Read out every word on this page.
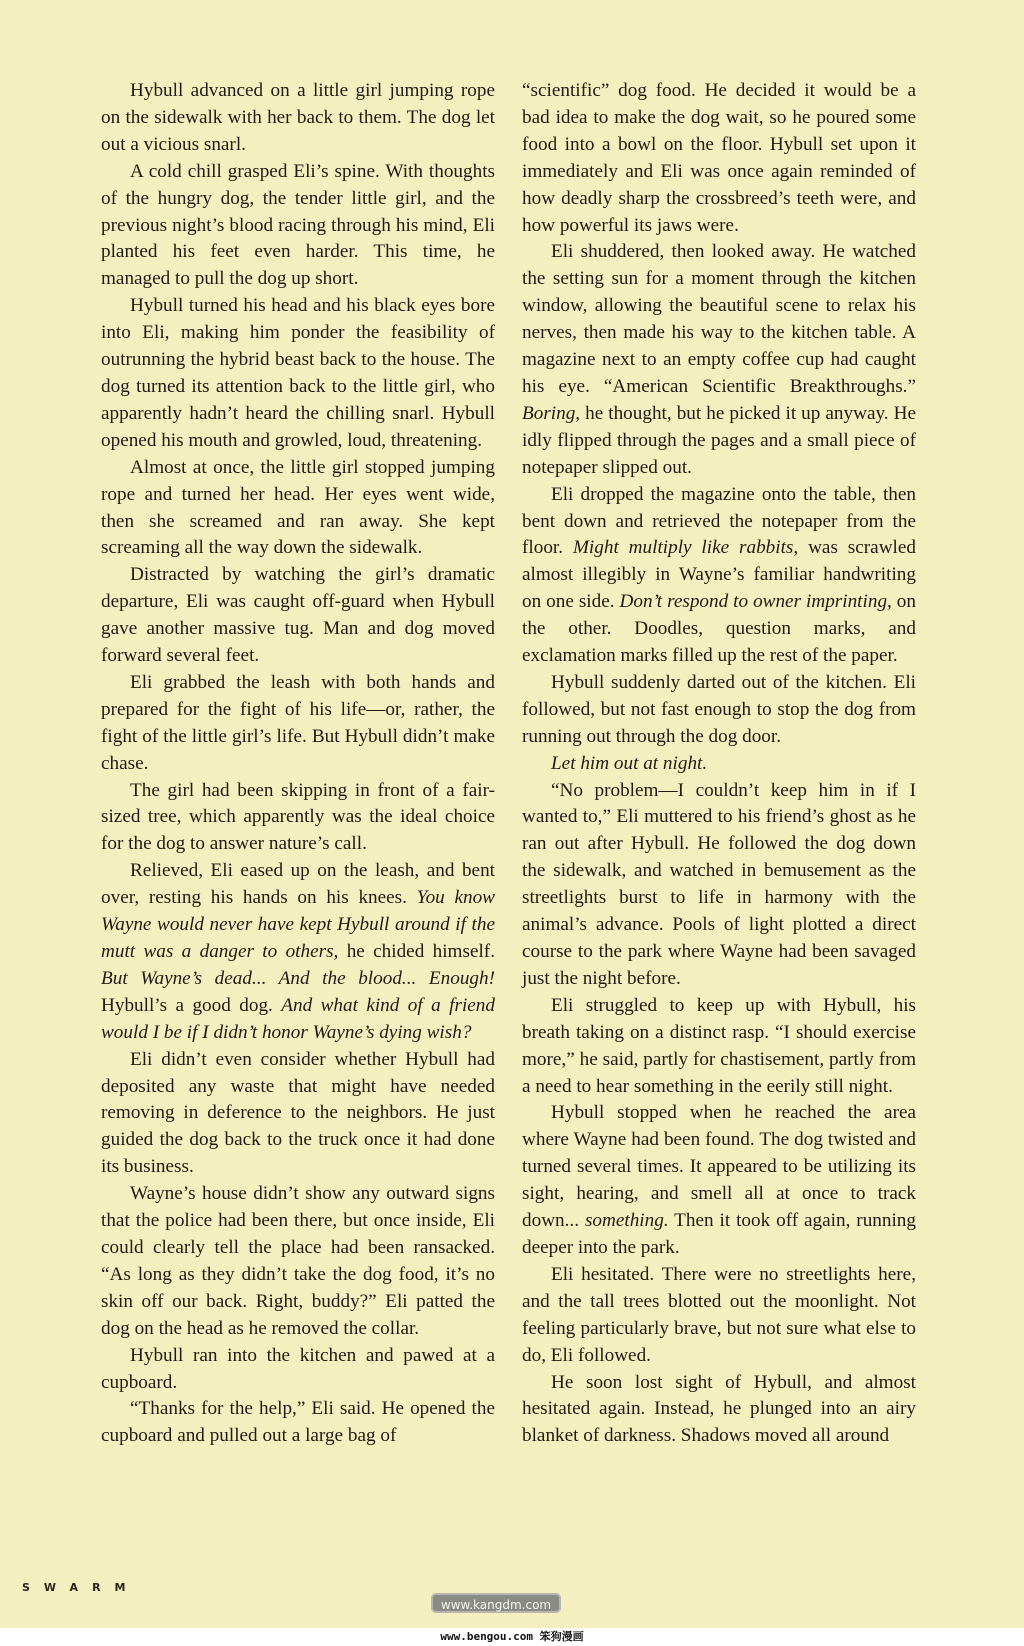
Hybull advanced on a little girl jumping rope on the sidewalk with her back to them. The dog let out a vicious snarl.

A cold chill grasped Eli’s spine. With thoughts of the hungry dog, the tender little girl, and the previous night’s blood racing through his mind, Eli planted his feet even harder. This time, he managed to pull the dog up short.

Hybull turned his head and his black eyes bore into Eli, making him ponder the feasibility of outrunning the hybrid beast back to the house. The dog turned its attention back to the little girl, who apparently hadn’t heard the chilling snarl. Hybull opened his mouth and growled, loud, threatening.

Almost at once, the little girl stopped jumping rope and turned her head. Her eyes went wide, then she screamed and ran away. She kept screaming all the way down the sidewalk.

Distracted by watching the girl’s dramatic departure, Eli was caught off-guard when Hybull gave another massive tug. Man and dog moved forward several feet.

Eli grabbed the leash with both hands and prepared for the fight of his life—or, rather, the fight of the little girl’s life. But Hybull didn’t make chase.

The girl had been skipping in front of a fair-sized tree, which apparently was the ideal choice for the dog to answer nature’s call.

Relieved, Eli eased up on the leash, and bent over, resting his hands on his knees. You know Wayne would never have kept Hybull around if the mutt was a danger to others, he chided himself. But Wayne’s dead... And the blood... Enough! Hybull’s a good dog. And what kind of a friend would I be if I didn’t honor Wayne’s dying wish?

Eli didn’t even consider whether Hybull had deposited any waste that might have needed removing in deference to the neighbors. He just guided the dog back to the truck once it had done its business.

Wayne’s house didn’t show any outward signs that the police had been there, but once inside, Eli could clearly tell the place had been ransacked. “As long as they didn’t take the dog food, it’s no skin off our back. Right, buddy?” Eli patted the dog on the head as he removed the collar.

Hybull ran into the kitchen and pawed at a cupboard.

“Thanks for the help,” Eli said. He opened the cupboard and pulled out a large bag of

“scientific” dog food. He decided it would be a bad idea to make the dog wait, so he poured some food into a bowl on the floor. Hybull set upon it immediately and Eli was once again reminded of how deadly sharp the crossbreed’s teeth were, and how powerful its jaws were.

Eli shuddered, then looked away. He watched the setting sun for a moment through the kitchen window, allowing the beautiful scene to relax his nerves, then made his way to the kitchen table. A magazine next to an empty coffee cup had caught his eye. “American Scientific Breakthroughs.” Boring, he thought, but he picked it up anyway. He idly flipped through the pages and a small piece of notepaper slipped out.

Eli dropped the magazine onto the table, then bent down and retrieved the notepaper from the floor. Might multiply like rabbits, was scrawled almost illegibly in Wayne’s familiar handwriting on one side. Don’t respond to owner imprinting, on the other. Doodles, question marks, and exclamation marks filled up the rest of the paper.

Hybull suddenly darted out of the kitchen. Eli followed, but not fast enough to stop the dog from running out through the dog door.

Let him out at night.

“No problem—I couldn’t keep him in if I wanted to,” Eli muttered to his friend’s ghost as he ran out after Hybull. He followed the dog down the sidewalk, and watched in bemusement as the streetlights burst to life in harmony with the animal’s advance. Pools of light plotted a direct course to the park where Wayne had been savaged just the night before.

Eli struggled to keep up with Hybull, his breath taking on a distinct rasp. “I should exercise more,” he said, partly for chastisement, partly from a need to hear something in the eerily still night.

Hybull stopped when he reached the area where Wayne had been found. The dog twisted and turned several times. It appeared to be utilizing its sight, hearing, and smell all at once to track down... something. Then it took off again, running deeper into the park.

Eli hesitated. There were no streetlights here, and the tall trees blotted out the moonlight. Not feeling particularly brave, but not sure what else to do, Eli followed.

He soon lost sight of Hybull, and almost hesitated again. Instead, he plunged into an airy blanket of darkness. Shadows moved all around

SWARM
www.kangdm.com
www.bengou.com 笨狗漫画
